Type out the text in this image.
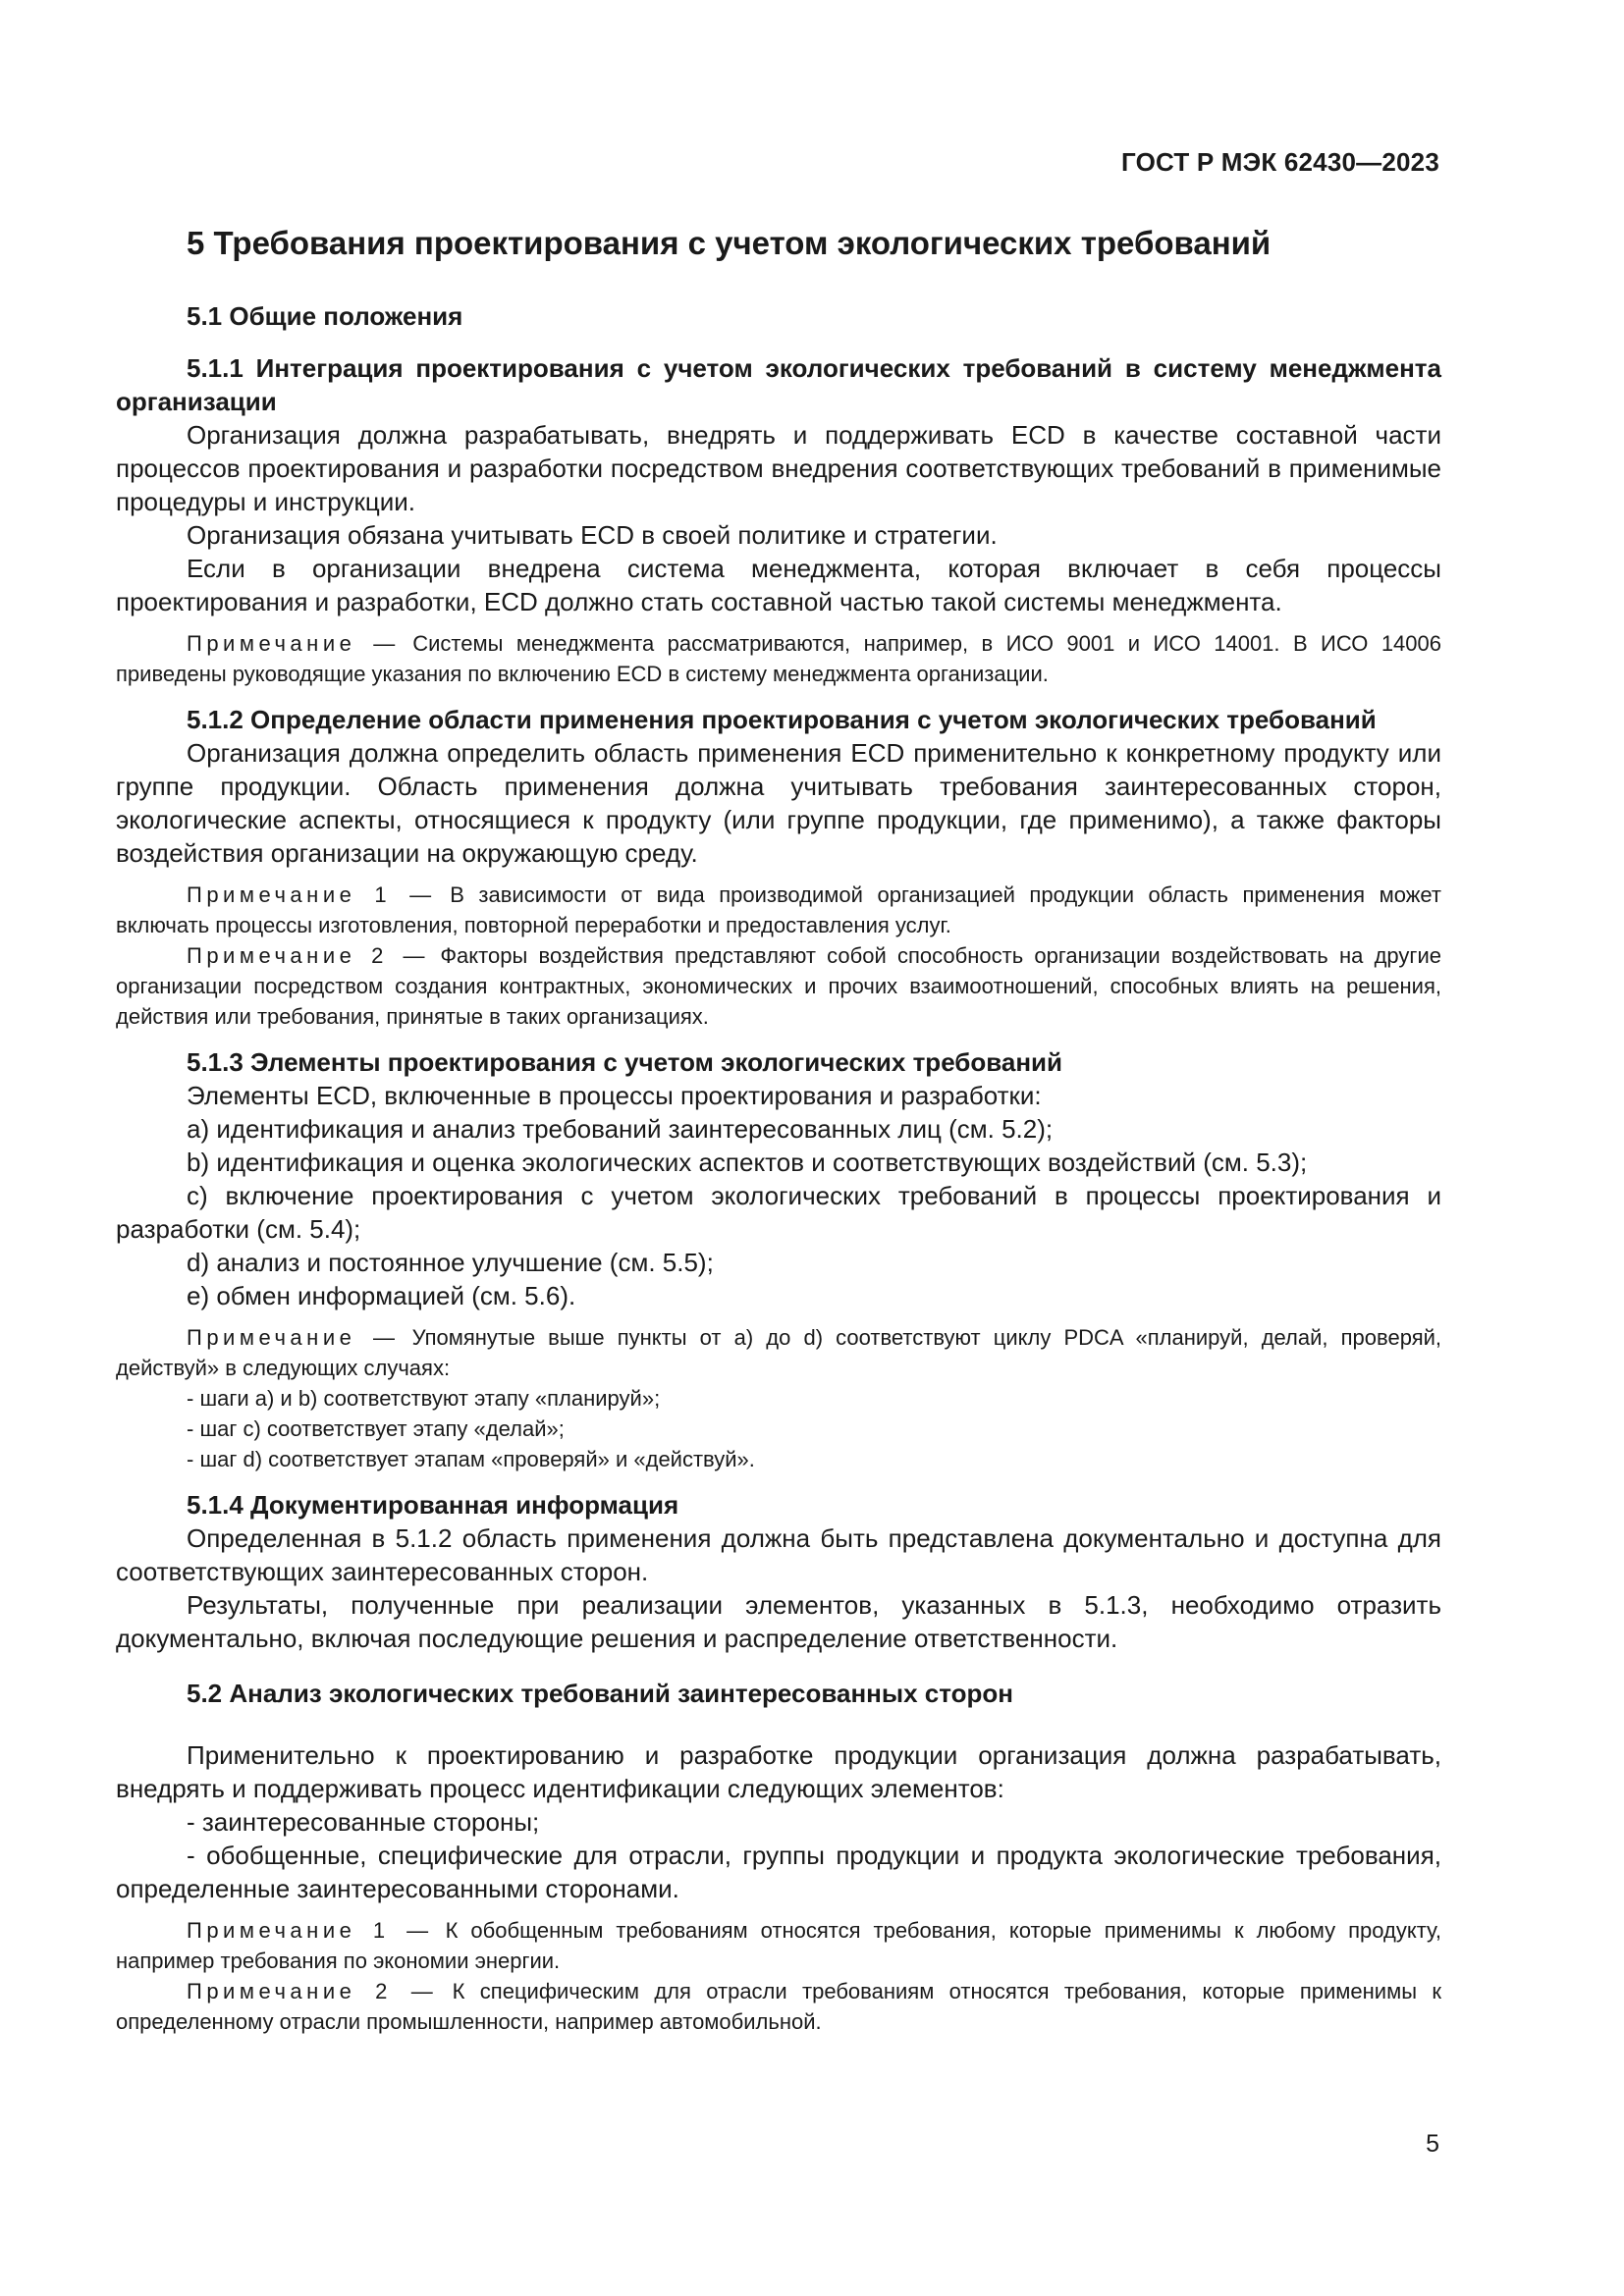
ГОСТ Р МЭК 62430—2023
5 Требования проектирования с учетом экологических требований
5.1 Общие положения
5.1.1 Интеграция проектирования с учетом экологических требований в систему менеджмента организации
Организация должна разрабатывать, внедрять и поддерживать ECD в качестве составной части процессов проектирования и разработки посредством внедрения соответствующих требований в применимые процедуры и инструкции.
Организация обязана учитывать ECD в своей политике и стратегии.
Если в организации внедрена система менеджмента, которая включает в себя процессы проектирования и разработки, ECD должно стать составной частью такой системы менеджмента.
Примечание — Системы менеджмента рассматриваются, например, в ИСО 9001 и ИСО 14001. В ИСО 14006 приведены руководящие указания по включению ECD в систему менеджмента организации.
5.1.2 Определение области применения проектирования с учетом экологических требований
Организация должна определить область применения ECD применительно к конкретному продукту или группе продукции. Область применения должна учитывать требования заинтересованных сторон, экологические аспекты, относящиеся к продукту (или группе продукции, где применимо), а также факторы воздействия организации на окружающую среду.
Примечание 1 — В зависимости от вида производимой организацией продукции область применения может включать процессы изготовления, повторной переработки и предоставления услуг.
Примечание 2 — Факторы воздействия представляют собой способность организации воздействовать на другие организации посредством создания контрактных, экономических и прочих взаимоотношений, способных влиять на решения, действия или требования, принятые в таких организациях.
5.1.3 Элементы проектирования с учетом экологических требований
Элементы ECD, включенные в процессы проектирования и разработки:
a) идентификация и анализ требований заинтересованных лиц (см. 5.2);
b) идентификация и оценка экологических аспектов и соответствующих воздействий (см. 5.3);
c) включение проектирования с учетом экологических требований в процессы проектирования и разработки (см. 5.4);
d) анализ и постоянное улучшение (см. 5.5);
e) обмен информацией (см. 5.6).
Примечание — Упомянутые выше пункты от a) до d) соответствуют циклу PDCA «планируй, делай, проверяй, действуй» в следующих случаях:
- шаги a) и b) соответствуют этапу «планируй»;
- шаг c) соответствует этапу «делай»;
- шаг d) соответствует этапам «проверяй» и «действуй».
5.1.4 Документированная информация
Определенная в 5.1.2 область применения должна быть представлена документально и доступна для соответствующих заинтересованных сторон.
Результаты, полученные при реализации элементов, указанных в 5.1.3, необходимо отразить документально, включая последующие решения и распределение ответственности.
5.2 Анализ экологических требований заинтересованных сторон
Применительно к проектированию и разработке продукции организация должна разрабатывать, внедрять и поддерживать процесс идентификации следующих элементов:
- заинтересованные стороны;
- обобщенные, специфические для отрасли, группы продукции и продукта экологические требования, определенные заинтересованными сторонами.
Примечание 1 — К обобщенным требованиям относятся требования, которые применимы к любому продукту, например требования по экономии энергии.
Примечание 2 — К специфическим для отрасли требованиям относятся требования, которые применимы к определенному отрасли промышленности, например автомобильной.
5
